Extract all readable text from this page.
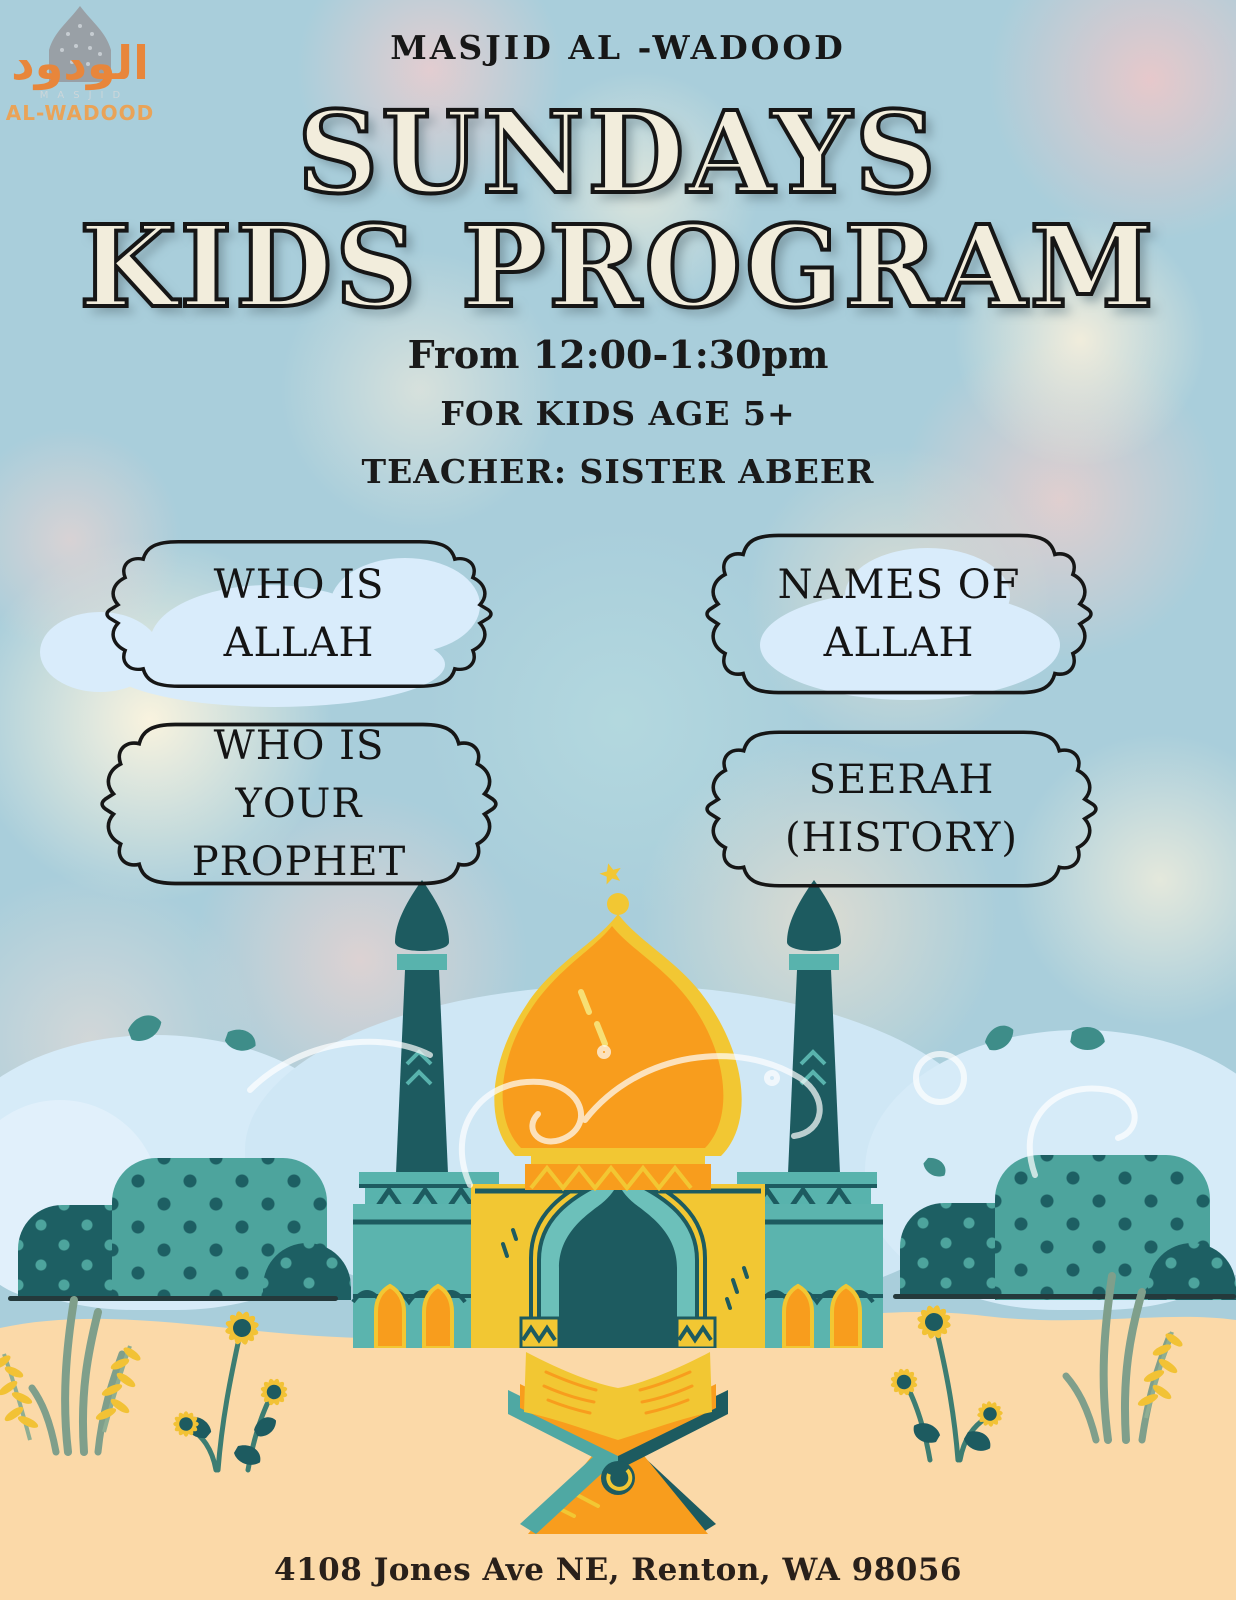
الودود
MASJID
AL-WADOOD
MASJID AL -WADOOD
SUNDAYS
KIDS PROGRAM
From 12:00-1:30pm
FOR KIDS AGE 5+
TEACHER: SISTER ABEER
WHO IS ALLAH
NAMES OF ALLAH
WHO IS YOUR PROPHET
SEERAH (HISTORY)
4108 Jones Ave NE, Renton, WA 98056
